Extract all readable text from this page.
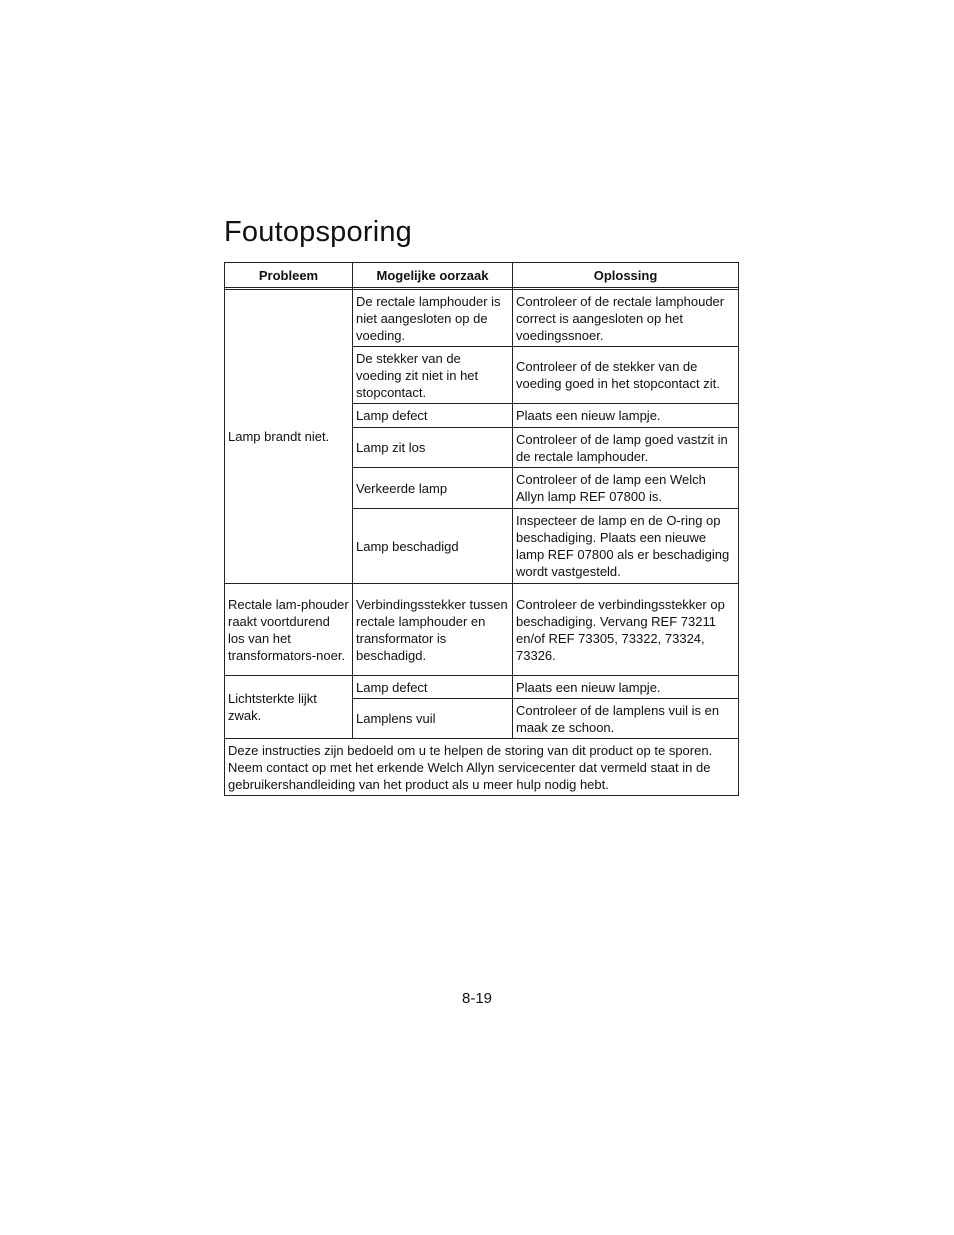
Foutopsporing
Probleem	Mogelijke oorzaak	Oplossing

Lamp brandt niet.	De rectale lamphouder is niet aangesloten op de voeding.	Controleer of de rectale lamphouder correct is aangesloten op het voedingssnoer.
	De stekker van de voeding zit niet in het stopcontact.	Controleer of de stekker van de voeding goed in het stopcontact zit.
	Lamp defect	Plaats een nieuw lampje.
	Lamp zit los	Controleer of de lamp goed vastzit in de rectale lamphouder.
	Verkeerde lamp	Controleer of de lamp een Welch Allyn lamp REF 07800 is.
	Lamp beschadigd	Inspecteer de lamp en de O-ring op beschadiging. Plaats een nieuwe lamp REF 07800 als er beschadiging wordt vastgesteld.
Rectale lam-phouder raakt voortdurend los van het transformators-noer.	Verbindingsstekker tussen rectale lamphouder en transformator is beschadigd.	Controleer de verbindingsstekker op beschadiging. Vervang REF 73211 en/of REF 73305, 73322, 73324, 73326.
Lichtsterkte lijkt zwak.	Lamp defect	Plaats een nieuw lampje.
	Lamplens vuil	Controleer of de lamplens vuil is en maak ze schoon.
Deze instructies zijn bedoeld om u te helpen de storing van dit product op te sporen. Neem contact op met het erkende Welch Allyn servicecenter dat vermeld staat in de gebruikershandleiding van het product als u meer hulp nodig hebt.		
8-19
